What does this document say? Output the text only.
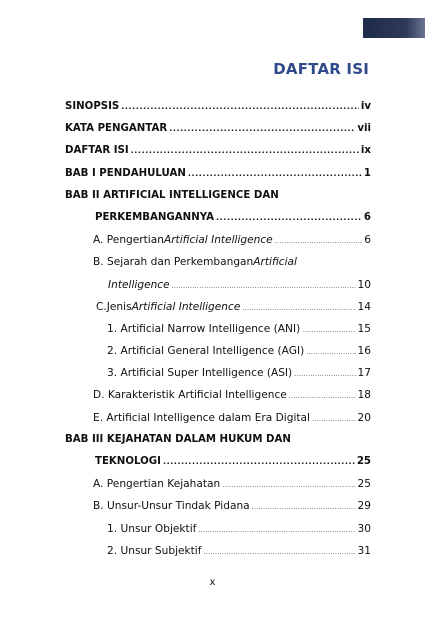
DAFTAR ISI
SINOPSIS .....	iv
KATA PENGANTAR .....	vii
DAFTAR ISI .....	ix
BAB I PENDAHULUAN .....	1
BAB II ARTIFICIAL INTELLIGENCE DAN
PERKEMBANGANNYA .....	6
A. Pengertian Artificial Intelligence .....	6
B. Sejarah dan Perkembangan Artificial
Intelligence .....	10
C.Jenis Artificial Intelligence .....	14
1. Artificial Narrow Intelligence (ANI) .....	15
2. Artificial General Intelligence (AGI) .....	16
3. Artificial Super Intelligence (ASI) .....	17
D. Karakteristik Artificial Intelligence .....	18
E. Artificial Intelligence dalam Era Digital .....	20
BAB III KEJAHATAN DALAM HUKUM DAN
TEKNOLOGI .....	25
A. Pengertian Kejahatan .....	25
B. Unsur-Unsur Tindak Pidana .....	29
1. Unsur Objektif .....	30
2. Unsur Subjektif .....	31
x
